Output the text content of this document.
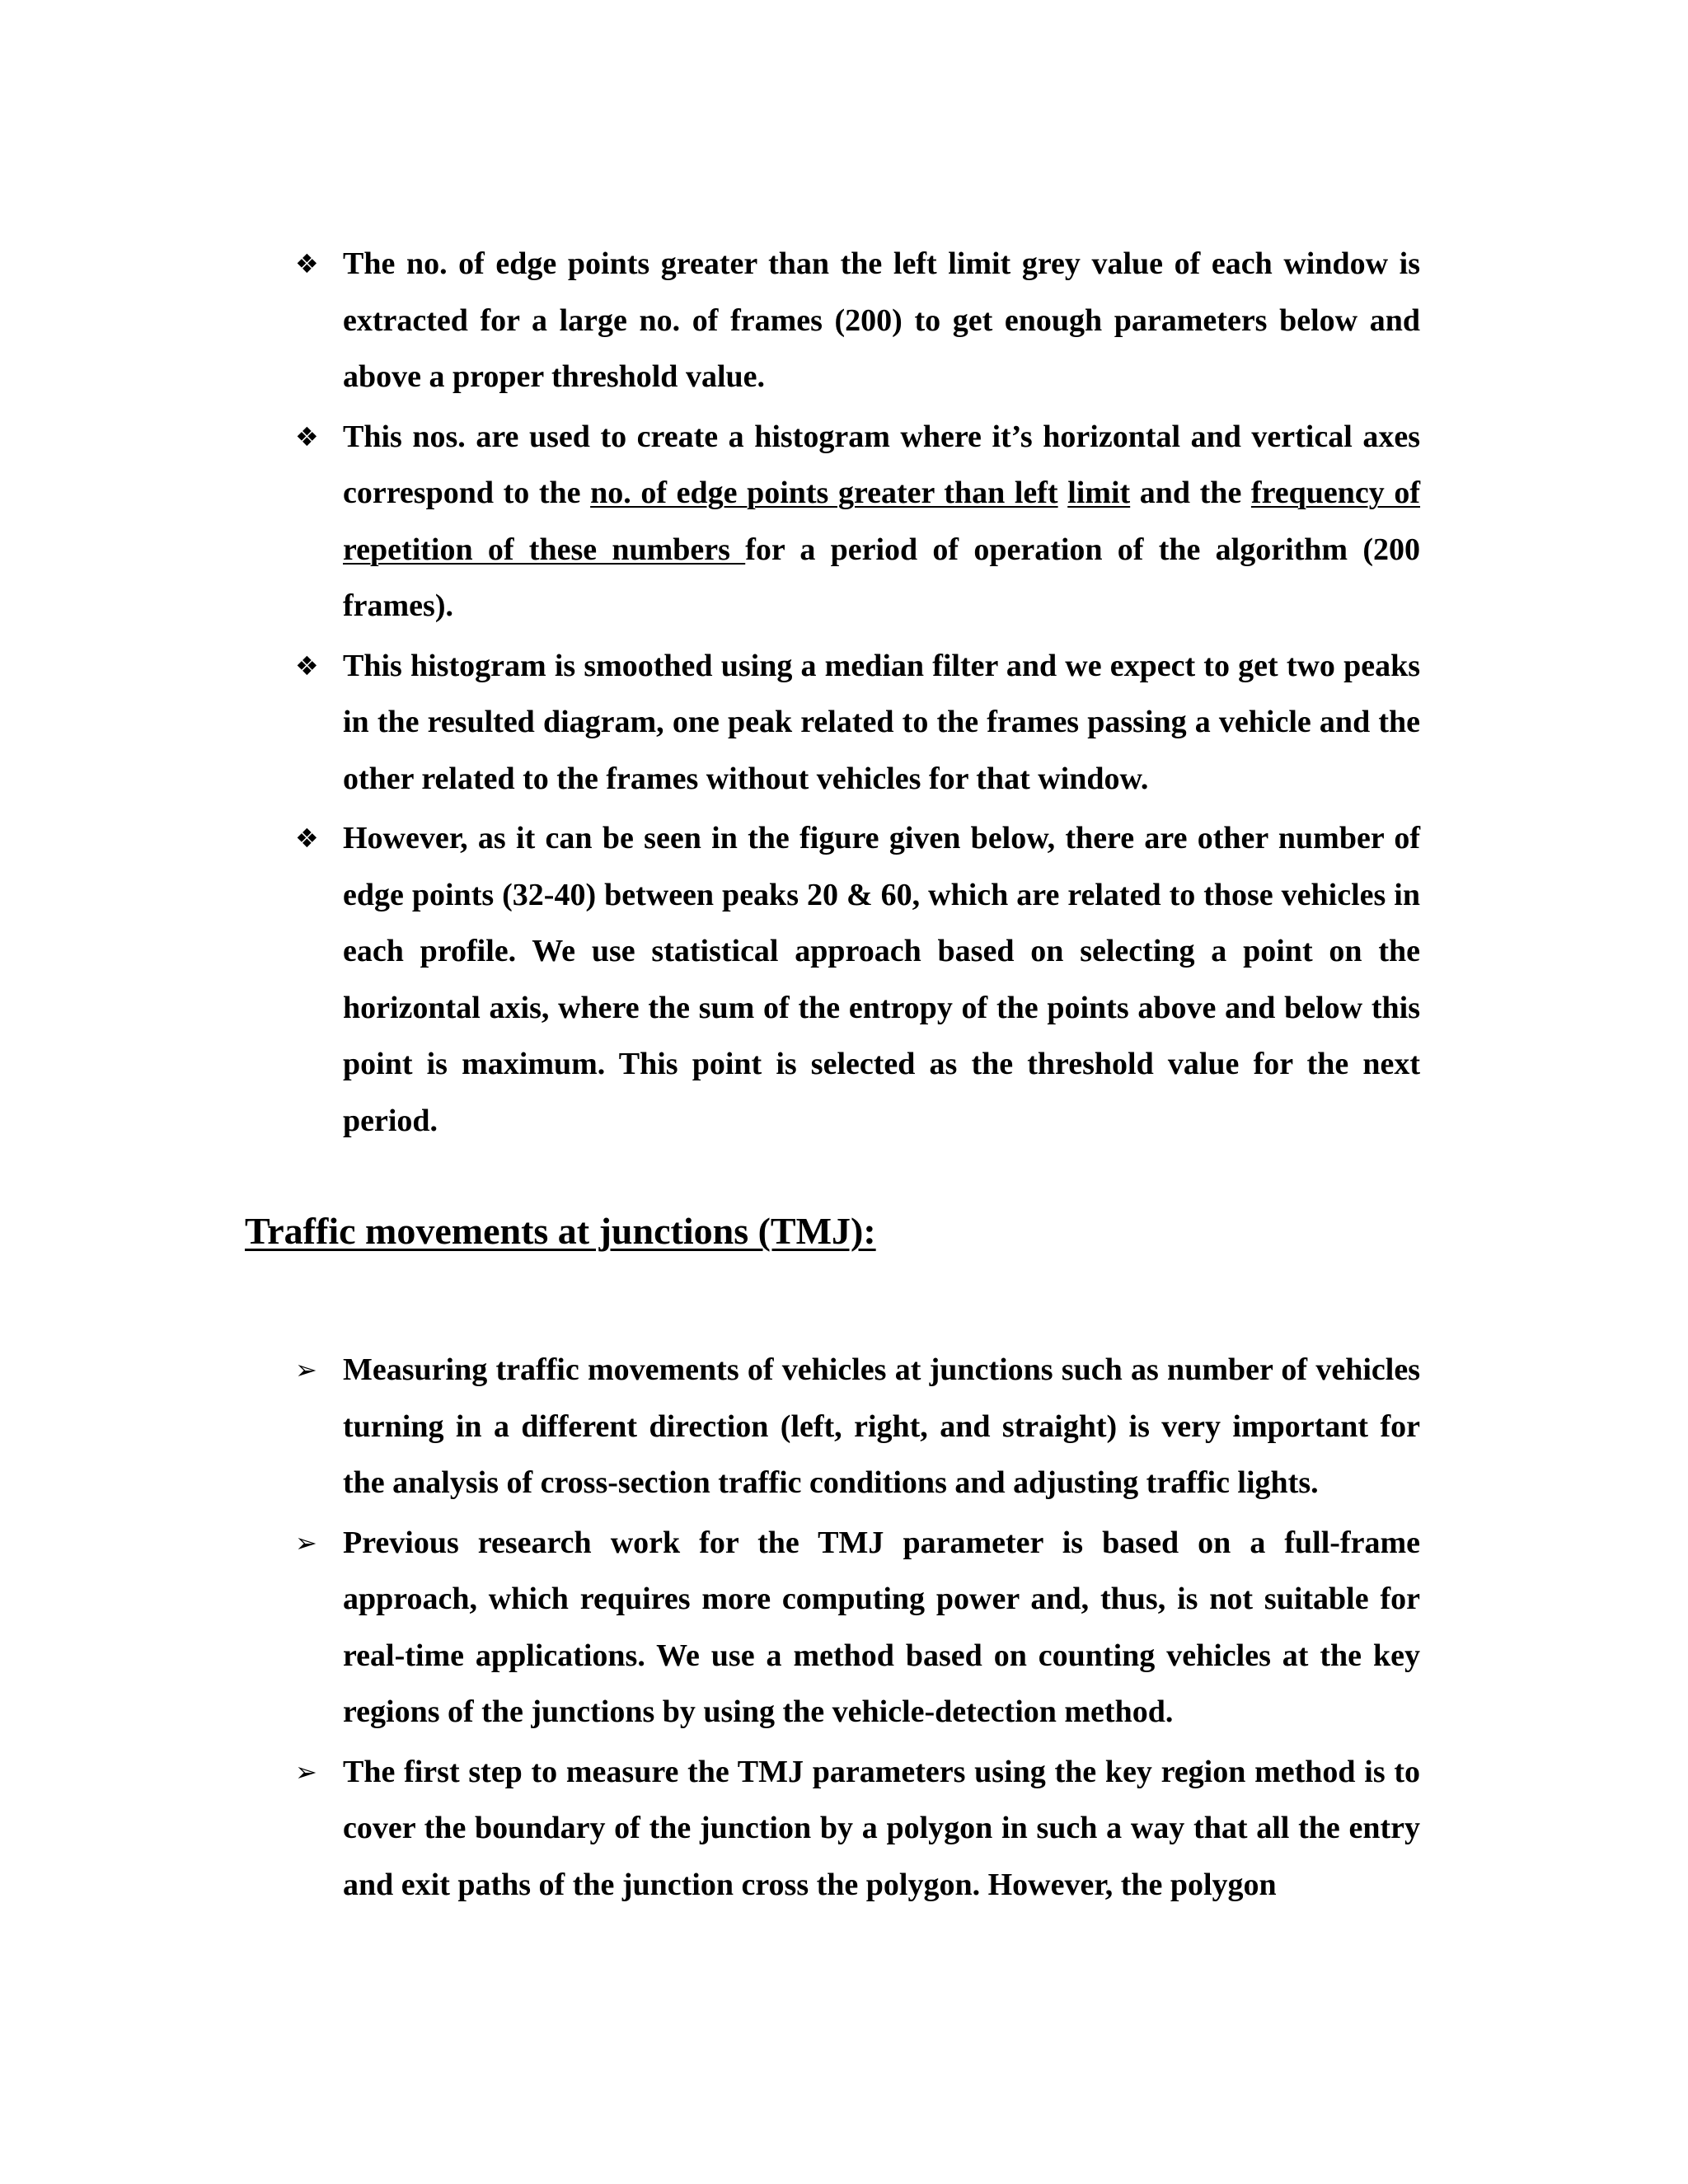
❖ The no. of edge points greater than the left limit grey value of each window is extracted for a large no. of frames (200) to get enough parameters below and above a proper threshold value.
❖ This nos. are used to create a histogram where it’s horizontal and vertical axes correspond to the no. of edge points greater than left limit and the frequency of repetition of these numbers for a period of operation of the algorithm (200 frames).
❖ This histogram is smoothed using a median filter and we expect to get two peaks in the resulted diagram, one peak related to the frames passing a vehicle and the other related to the frames without vehicles for that window.
❖ However, as it can be seen in the figure given below, there are other number of edge points (32-40) between peaks 20 & 60, which are related to those vehicles in each profile. We use statistical approach based on selecting a point on the horizontal axis, where the sum of the entropy of the points above and below this point is maximum. This point is selected as the threshold value for the next period.
Traffic movements at junctions (TMJ):
➢ Measuring traffic movements of vehicles at junctions such as number of vehicles turning in a different direction (left, right, and straight) is very important for the analysis of cross-section traffic conditions and adjusting traffic lights.
➢ Previous research work for the TMJ parameter is based on a full-frame approach, which requires more computing power and, thus, is not suitable for real-time applications. We use a method based on counting vehicles at the key regions of the junctions by using the vehicle-detection method.
➢ The first step to measure the TMJ parameters using the key region method is to cover the boundary of the junction by a polygon in such a way that all the entry and exit paths of the junction cross the polygon. However, the polygon
